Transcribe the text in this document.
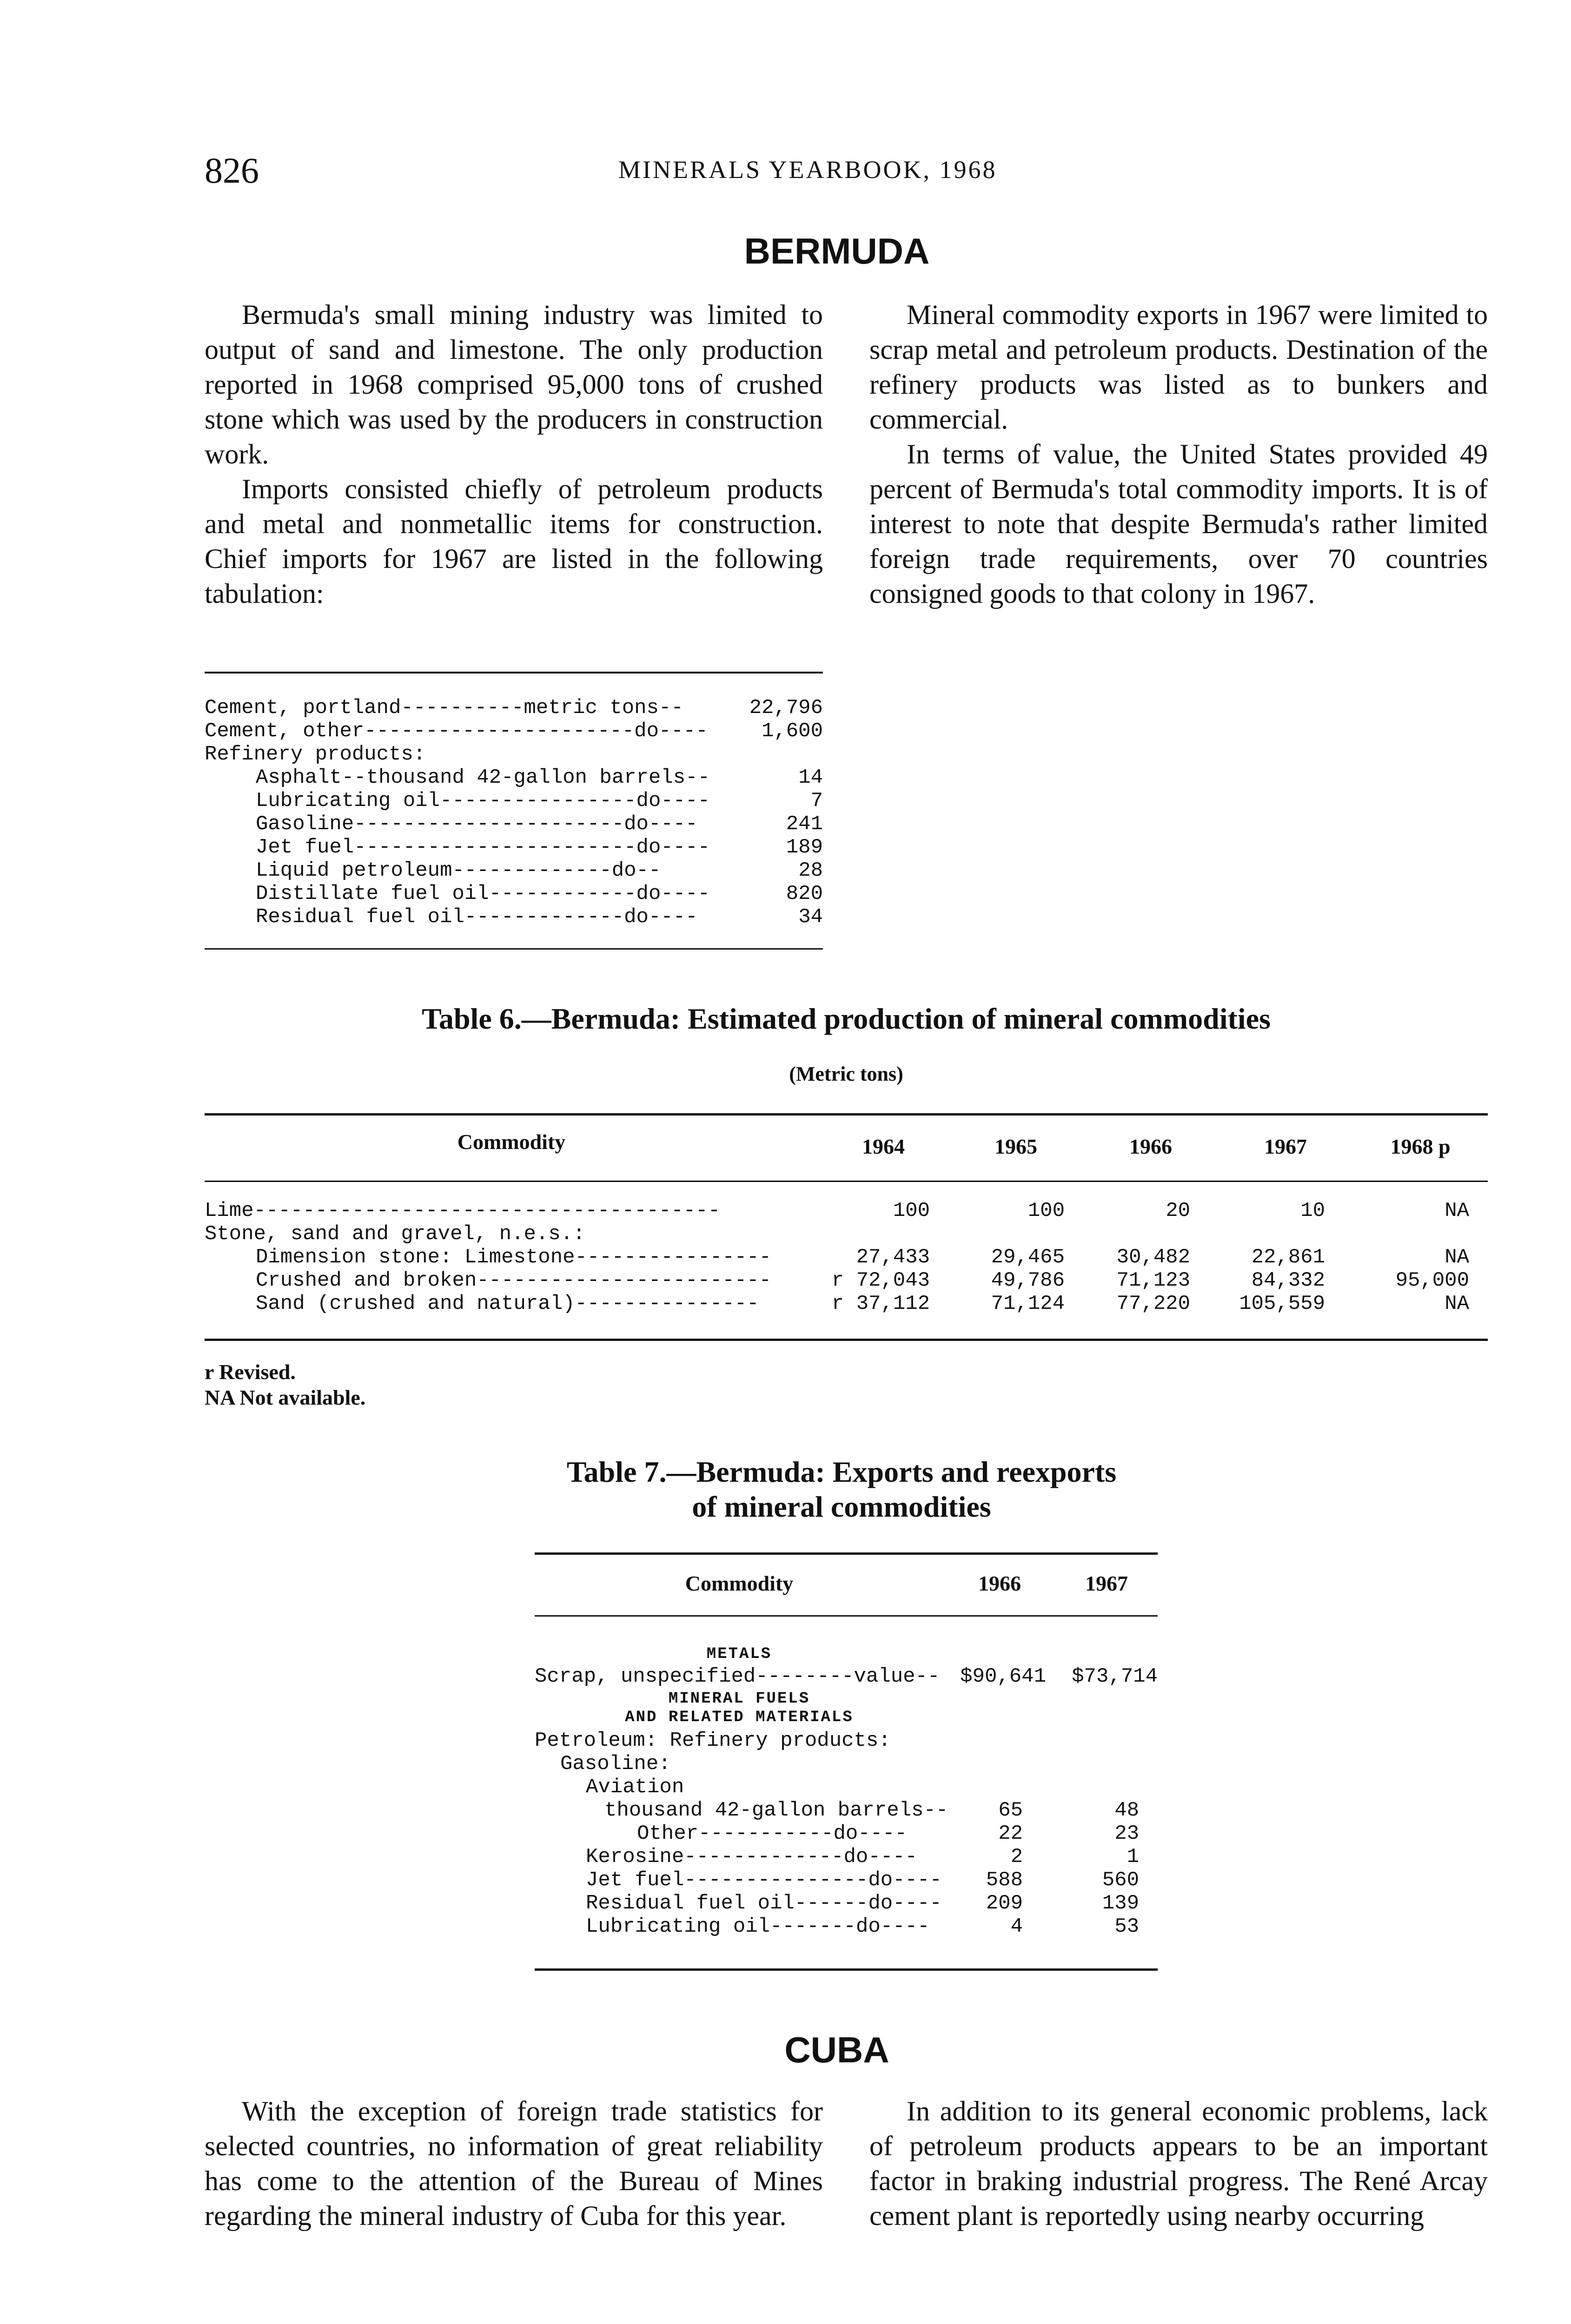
826	MINERALS YEARBOOK, 1968
BERMUDA

Bermuda's small mining industry was limited to output of sand and limestone. The only production reported in 1968 comprised 95,000 tons of crushed stone which was used by the producers in construction work.

Imports consisted chiefly of petroleum products and metal and nonmetallic items for construction. Chief imports for 1967 are listed in the following tabulation:

Mineral commodity exports in 1967 were limited to scrap metal and petroleum products. Destination of the refinery products was listed as to bunkers and commercial.

In terms of value, the United States provided 49 percent of Bermuda's total commodity imports. It is of interest to note that despite Bermuda's rather limited foreign trade requirements, over 70 countries consigned goods to that colony in 1967.

Cement, portland----------metric tons--	22,796
Cement, other----------------------do----	1,600
Refinery products:
Asphalt--thousand 42-gallon barrels--	14
Lubricating oil----------------do----	7
Gasoline----------------------do----	241
Jet fuel-----------------------do----	189
Liquid petroleum-------------do--	28
Distillate fuel oil------------do----	820
Residual fuel oil-------------do----	34
Table 6.—Bermuda: Estimated production of mineral commodities
(Metric tons)
Commodity	1964	1965	1966	1967	1968 p
Lime--------------------------------------	100	100	20	10	NA
Stone, sand and gravel, n.e.s.:
Dimension stone: Limestone----------------	27,433	29,465	30,482	22,861	NA
Crushed and broken------------------------	r 72,043	49,786	71,123	84,332	95,000
Sand (crushed and natural)---------------	r 37,112	71,124	77,220	105,559	NA
r Revised.
NA Not available.
Table 7.—Bermuda: Exports and reexports
of mineral commodities
Commodity	1966	1967
METALS
Scrap, unspecified--------value-- $90,641	$73,714
MINERAL FUELS
AND RELATED MATERIALS
Petroleum: Refinery products:
Gasoline:
Aviation
thousand 42-gallon barrels--	65	48
Other-----------do----	22	23
Kerosine-------------do----	2	1
Jet fuel---------------do----	588	560
Residual fuel oil------do----	209	139
Lubricating oil-------do----	4	53
CUBA

With the exception of foreign trade statistics for selected countries, no information of great reliability has come to the attention of the Bureau of Mines regarding the mineral industry of Cuba for this year.

In addition to its general economic problems, lack of petroleum products appears to be an important factor in braking industrial progress. The René Arcay cement plant is reportedly using nearby occurring
